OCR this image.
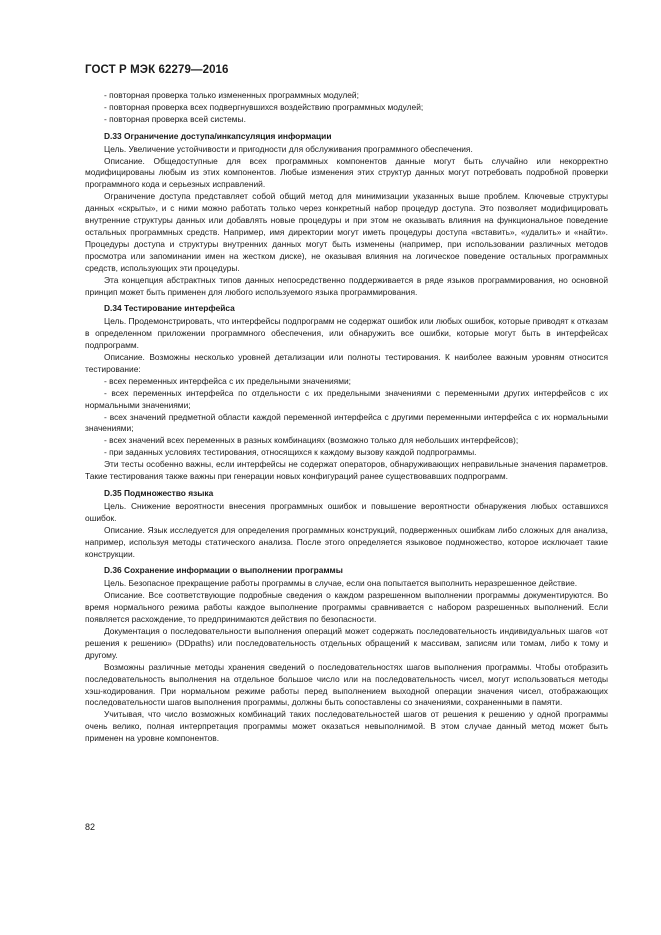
ГОСТ Р МЭК 62279—2016

- повторная проверка только измененных программных модулей;

- повторная проверка всех подвергнувшихся воздействию программных модулей;

- повторная проверка всей системы.

D.33 Ограничение доступа/инкапсуляция информации

Цель. Увеличение устойчивости и пригодности для обслуживания программного обеспечения.

Описание. Общедоступные для всех программных компонентов данные могут быть случайно или некорректно модифицированы любым из этих компонентов. Любые изменения этих структур данных могут потребовать подробной проверки программного кода и серьезных исправлений.

Ограничение доступа представляет собой общий метод для минимизации указанных выше проблем. Ключевые структуры данных «скрыты», и с ними можно работать только через конкретный набор процедур доступа. Это позволяет модифицировать внутренние структуры данных или добавлять новые процедуры и при этом не оказывать влияния на функциональное поведение остальных программных средств. Например, имя директории могут иметь процедуры доступа «вставить», «удалить» и «найти». Процедуры доступа и структуры внутренних данных могут быть изменены (например, при использовании различных методов просмотра или запоминании имен на жестком диске), не оказывая влияния на логическое поведение остальных программных средств, использующих эти процедуры.

Эта концепция абстрактных типов данных непосредственно поддерживается в ряде языков программирования, но основной принцип может быть применен для любого используемого языка программирования.

D.34 Тестирование интерфейса

Цель. Продемонстрировать, что интерфейсы подпрограмм не содержат ошибок или любых ошибок, которые приводят к отказам в определенном приложении программного обеспечения, или обнаружить все ошибки, которые могут быть в интерфейсах подпрограмм.

Описание. Возможны несколько уровней детализации или полноты тестирования. К наиболее важным уровням относится тестирование:

- всех переменных интерфейса с их предельными значениями;

- всех переменных интерфейса по отдельности с их предельными значениями с переменными других интерфейсов с их нормальными значениями;

- всех значений предметной области каждой переменной интерфейса с другими переменными интерфейса с их нормальными значениями;

- всех значений всех переменных в разных комбинациях (возможно только для небольших интерфейсов);

- при заданных условиях тестирования, относящихся к каждому вызову каждой подпрограммы.

Эти тесты особенно важны, если интерфейсы не содержат операторов, обнаруживающих неправильные значения параметров. Такие тестирования также важны при генерации новых конфигураций ранее существовавших подпрограмм.

D.35 Подмножество языка

Цель. Снижение вероятности внесения программных ошибок и повышение вероятности обнаружения любых оставшихся ошибок.

Описание. Язык исследуется для определения программных конструкций, подверженных ошибкам либо сложных для анализа, например, используя методы статического анализа. После этого определяется языковое подмножество, которое исключает такие конструкции.

D.36 Сохранение информации о выполнении программы

Цель. Безопасное прекращение работы программы в случае, если она попытается выполнить неразрешенное действие.

Описание. Все соответствующие подробные сведения о каждом разрешенном выполнении программы документируются. Во время нормального режима работы каждое выполнение программы сравнивается с набором разрешенных выполнений. Если появляется расхождение, то предпринимаются действия по безопасности.

Документация о последовательности выполнения операций может содержать последовательность индивидуальных шагов «от решения к решению» (DDpaths) или последовательность отдельных обращений к массивам, записям или томам, либо к тому и другому.

Возможны различные методы хранения сведений о последовательностях шагов выполнения программы. Чтобы отобразить последовательность выполнения на отдельное большое число или на последовательность чисел, могут использоваться методы хэш-кодирования. При нормальном режиме работы перед выполнением выходной операции значения чисел, отображающих последовательности шагов выполнения программы, должны быть сопоставлены со значениями, сохраненными в памяти.

Учитывая, что число возможных комбинаций таких последовательностей шагов от решения к решению у одной программы очень велико, полная интерпретация программы может оказаться невыполнимой. В этом случае данный метод может быть применен на уровне компонентов.

82
